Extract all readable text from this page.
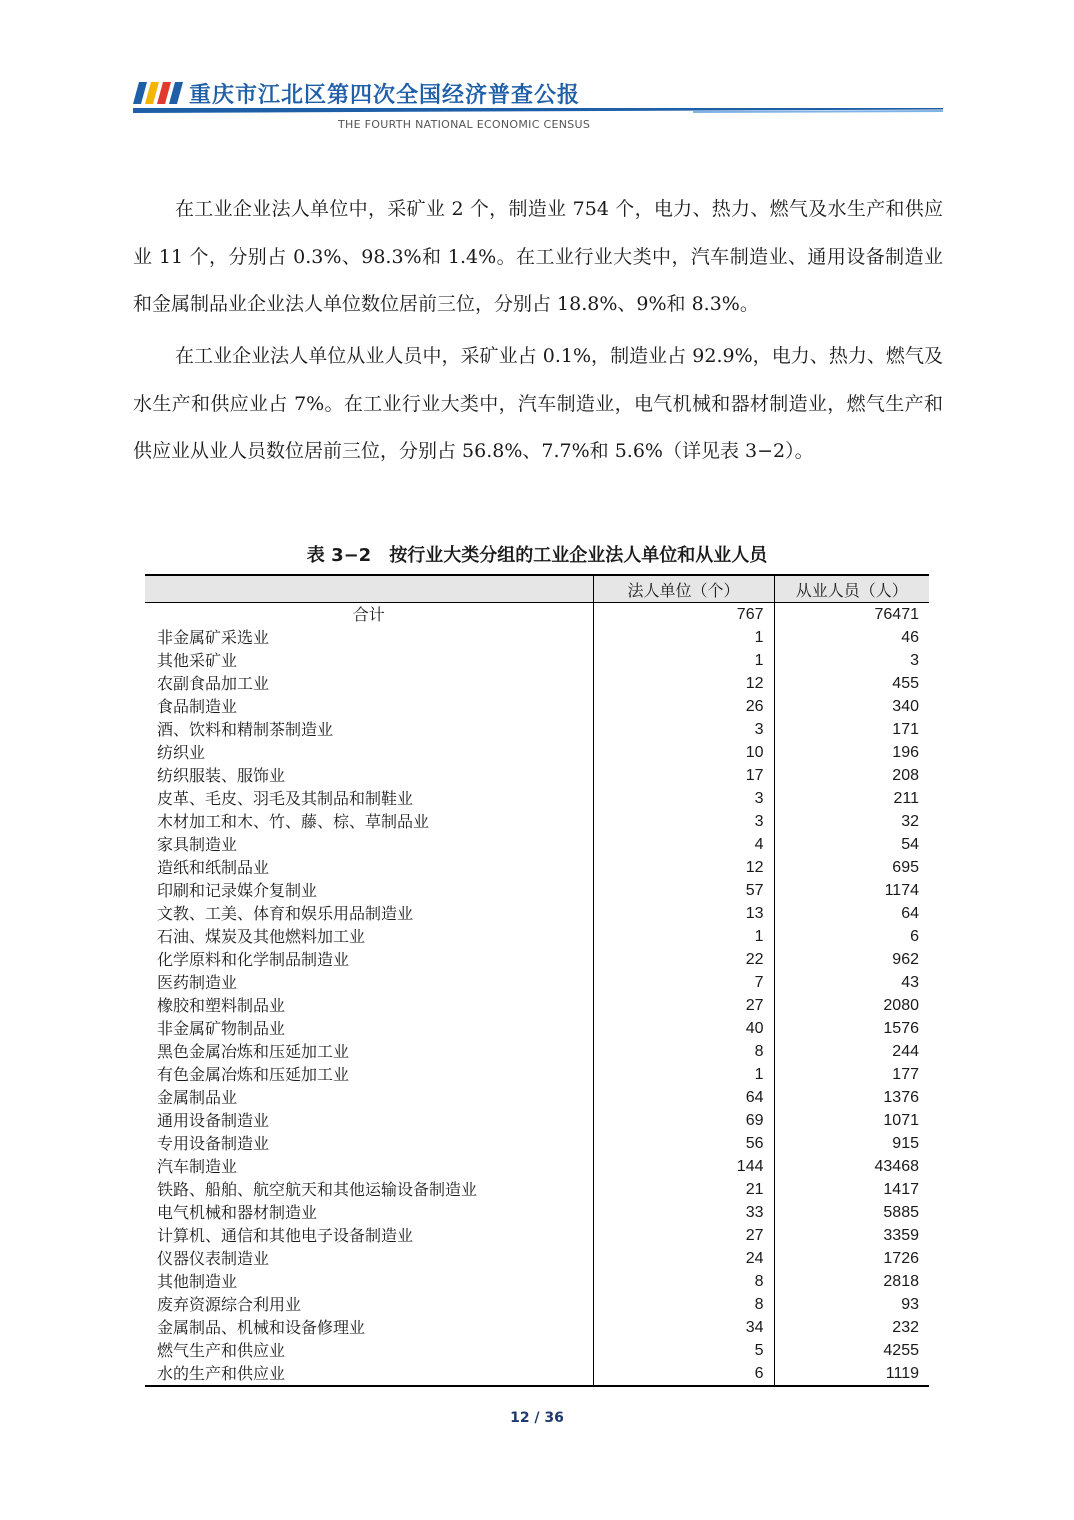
重庆市江北区第四次全国经济普查公报
THE FOURTH NATIONAL ECONOMIC CENSUS

在工业企业法人单位中，采矿业 2 个，制造业 754 个，电力、热力、燃气及水生产和供应业 11 个，分别占 0.3%、98.3%和 1.4%。在工业行业大类中，汽车制造业、通用设备制造业和金属制品业企业法人单位数位居前三位，分别占 18.8%、9%和 8.3%。

在工业企业法人单位从业人员中，采矿业占 0.1%，制造业占 92.9%，电力、热力、燃气及水生产和供应业占 7%。在工业行业大类中，汽车制造业，电气机械和器材制造业，燃气生产和供应业从业人员数位居前三位，分别占 56.8%、7.7%和 5.6%（详见表 3−2）。

表 3−2　按行业大类分组的工业企业法人单位和从业人员
	法人单位（个）	从业人员（人）
合计	767	76471
非金属矿采选业	1	46
其他采矿业	1	3
农副食品加工业	12	455
食品制造业	26	340
酒、饮料和精制茶制造业	3	171
纺织业	10	196
纺织服装、服饰业	17	208
皮革、毛皮、羽毛及其制品和制鞋业	3	211
木材加工和木、竹、藤、棕、草制品业	3	32
家具制造业	4	54
造纸和纸制品业	12	695
印刷和记录媒介复制业	57	1174
文教、工美、体育和娱乐用品制造业	13	64
石油、煤炭及其他燃料加工业	1	6
化学原料和化学制品制造业	22	962
医药制造业	7	43
橡胶和塑料制品业	27	2080
非金属矿物制品业	40	1576
黑色金属冶炼和压延加工业	8	244
有色金属冶炼和压延加工业	1	177
金属制品业	64	1376
通用设备制造业	69	1071
专用设备制造业	56	915
汽车制造业	144	43468
铁路、船舶、航空航天和其他运输设备制造业	21	1417
电气机械和器材制造业	33	5885
计算机、通信和其他电子设备制造业	27	3359
仪器仪表制造业	24	1726
其他制造业	8	2818
废弃资源综合利用业	8	93
金属制品、机械和设备修理业	34	232
燃气生产和供应业	5	4255
水的生产和供应业	6	1119
12 / 36
